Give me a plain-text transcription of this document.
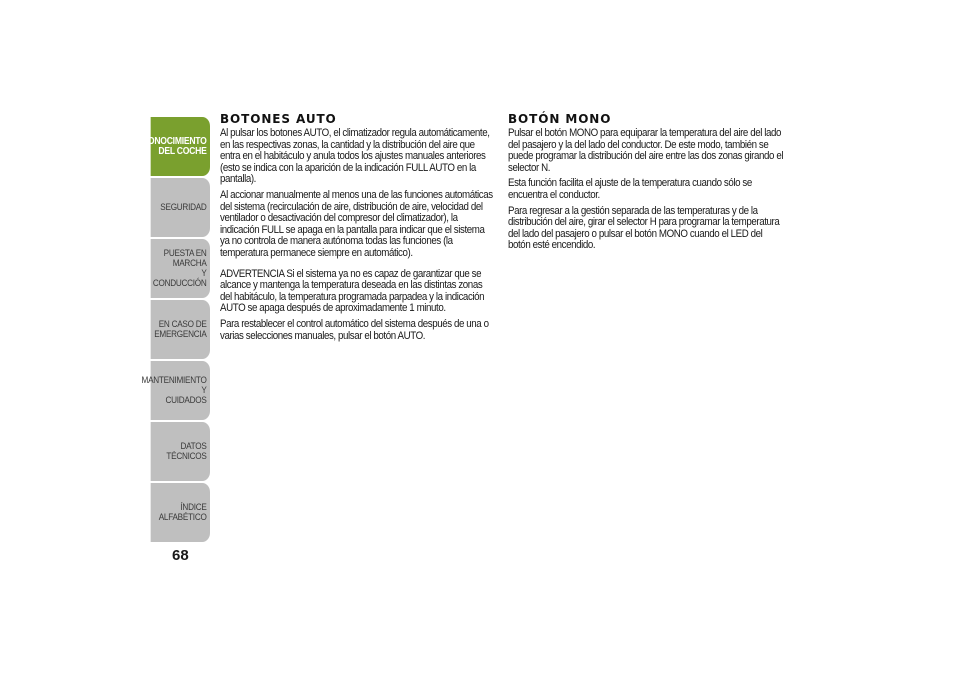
CONOCIMIENTO
DEL COCHE
SEGURIDAD
PUESTA EN MARCHA
Y CONDUCCIÓN
EN CASO DE
EMERGENCIA
MANTENIMIENTO Y
CUIDADOS
DATOS TÉCNICOS
ÍNDICE ALFABÉTICO
68
BOTONES AUTO

Al pulsar los botones AUTO, el climatizador regula automáticamente, en las respectivas zonas, la cantidad y la distribución del aire que entra en el habitáculo y anula todos los ajustes manuales anteriores (esto se indica con la aparición de la indicación FULL AUTO en la pantalla).

Al accionar manualmente al menos una de las funciones automáticas del sistema (recirculación de aire, distribución de aire, velocidad del ventilador o desactivación del compresor del climatizador), la indicación FULL se apaga en la pantalla para indicar que el sistema ya no controla de manera autónoma todas las funciones (la temperatura permanece siempre en automático).

ADVERTENCIA Si el sistema ya no es capaz de garantizar que se alcance y mantenga la temperatura deseada en las distintas zonas del habitáculo, la temperatura programada parpadea y la indicación AUTO se apaga después de aproximadamente 1 minuto.

Para restablecer el control automático del sistema después de una o varias selecciones manuales, pulsar el botón AUTO.

BOTÓN MONO

Pulsar el botón MONO para equiparar la temperatura del aire del lado del pasajero y la del lado del conductor. De este modo, también se puede programar la distribución del aire entre las dos zonas girando el selector N.

Esta función facilita el ajuste de la temperatura cuando sólo se encuentra el conductor.

Para regresar a la gestión separada de las temperaturas y de la distribución del aire, girar el selector H para programar la temperatura del lado del pasajero o pulsar el botón MONO cuando el LED del botón esté encendido.
